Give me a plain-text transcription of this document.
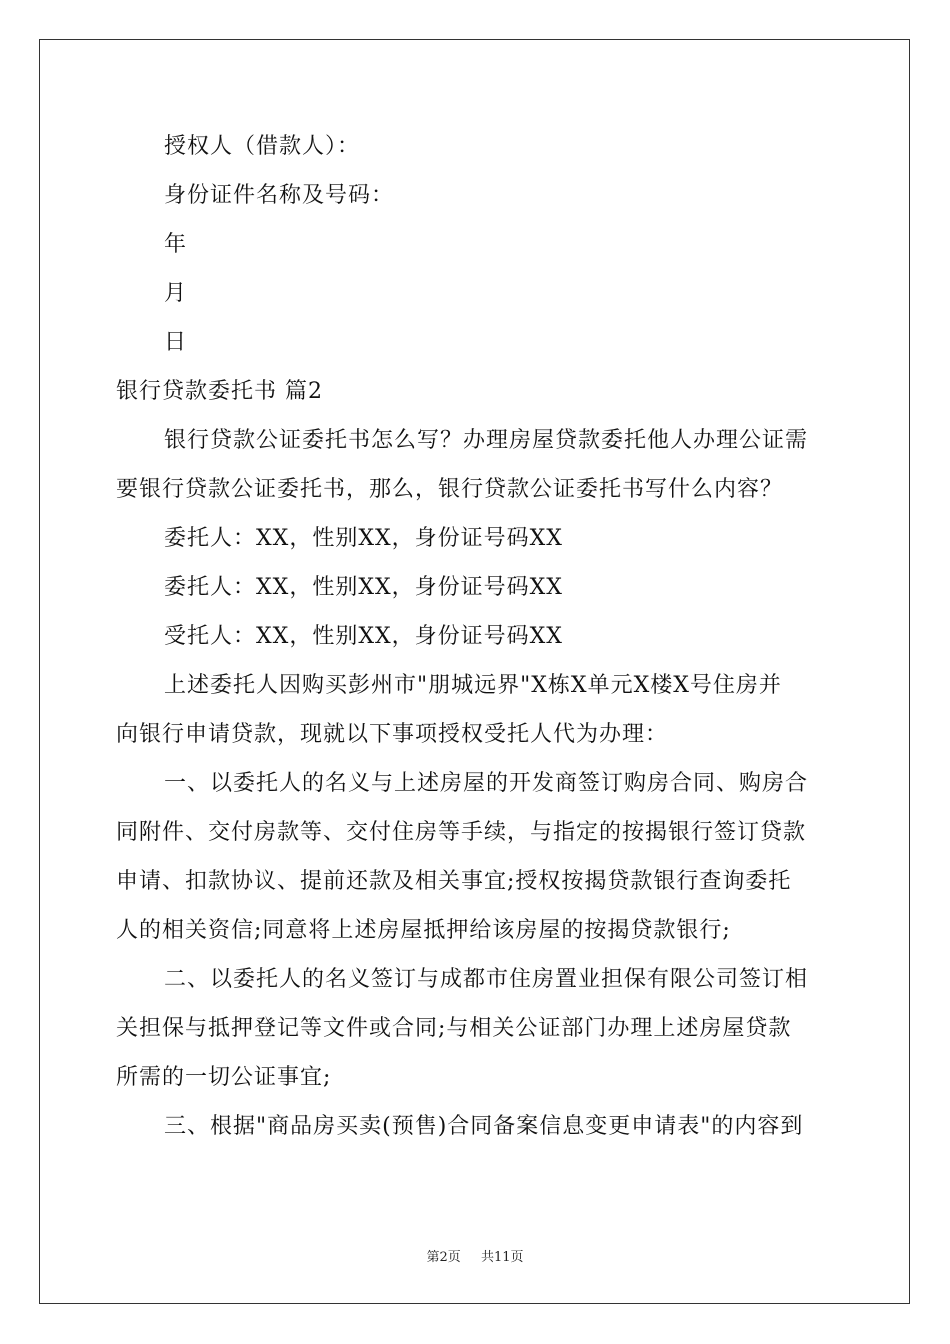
授权人（借款人）：
身份证件名称及号码：
年
月
日
银行贷款委托书 篇2
银行贷款公证委托书怎么写？办理房屋贷款委托他人办理公证需
要银行贷款公证委托书，那么，银行贷款公证委托书写什么内容？
委托人：XX，性别XX，身份证号码XX
委托人：XX，性别XX，身份证号码XX
受托人：XX，性别XX，身份证号码XX
上述委托人因购买彭州市"朋城远界"X栋X单元X楼X号住房并
向银行申请贷款，现就以下事项授权受托人代为办理：
一、以委托人的名义与上述房屋的开发商签订购房合同、购房合
同附件、交付房款等、交付住房等手续，与指定的按揭银行签订贷款
申请、扣款协议、提前还款及相关事宜;授权按揭贷款银行查询委托
人的相关资信;同意将上述房屋抵押给该房屋的按揭贷款银行;
二、以委托人的名义签订与成都市住房置业担保有限公司签订相
关担保与抵押登记等文件或合同;与相关公证部门办理上述房屋贷款
所需的一切公证事宜;
三、根据"商品房买卖(预售)合同备案信息变更申请表"的内容到
第2页 共11页
